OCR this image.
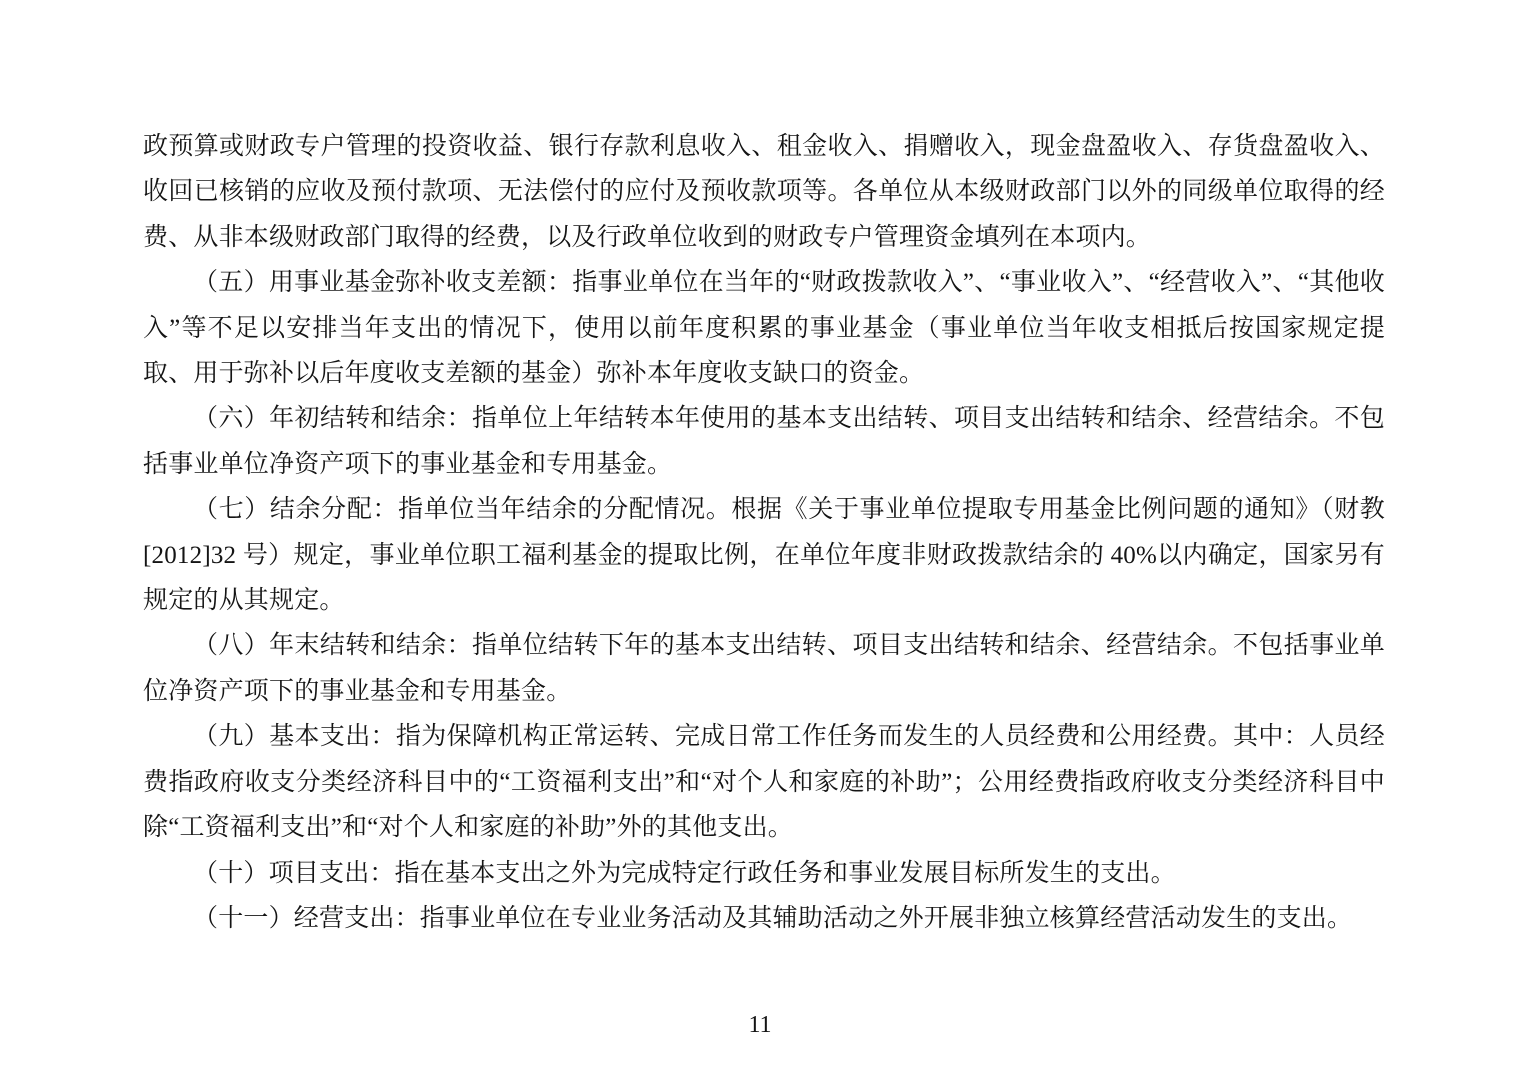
政预算或财政专户管理的投资收益、银行存款利息收入、租金收入、捐赠收入，现金盘盈收入、存货盘盈收入、收回已核销的应收及预付款项、无法偿付的应付及预收款项等。各单位从本级财政部门以外的同级单位取得的经费、从非本级财政部门取得的经费，以及行政单位收到的财政专户管理资金填列在本项内。

（五）用事业基金弥补收支差额：指事业单位在当年的“财政拨款收入”、“事业收入”、“经营收入”、“其他收入”等不足以安排当年支出的情况下，使用以前年度积累的事业基金（事业单位当年收支相抵后按国家规定提取、用于弥补以后年度收支差额的基金）弥补本年度收支缺口的资金。

（六）年初结转和结余：指单位上年结转本年使用的基本支出结转、项目支出结转和结余、经营结余。不包括事业单位净资产项下的事业基金和专用基金。

（七）结余分配：指单位当年结余的分配情况。根据《关于事业单位提取专用基金比例问题的通知》（财教[2012]32 号）规定，事业单位职工福利基金的提取比例，在单位年度非财政拨款结余的 40%以内确定，国家另有规定的从其规定。

（八）年末结转和结余：指单位结转下年的基本支出结转、项目支出结转和结余、经营结余。不包括事业单位净资产项下的事业基金和专用基金。

（九）基本支出：指为保障机构正常运转、完成日常工作任务而发生的人员经费和公用经费。其中：人员经费指政府收支分类经济科目中的“工资福利支出”和“对个人和家庭的补助”；公用经费指政府收支分类经济科目中除“工资福利支出”和“对个人和家庭的补助”外的其他支出。

（十）项目支出：指在基本支出之外为完成特定行政任务和事业发展目标所发生的支出。

（十一）经营支出：指事业单位在专业业务活动及其辅助活动之外开展非独立核算经营活动发生的支出。

11
